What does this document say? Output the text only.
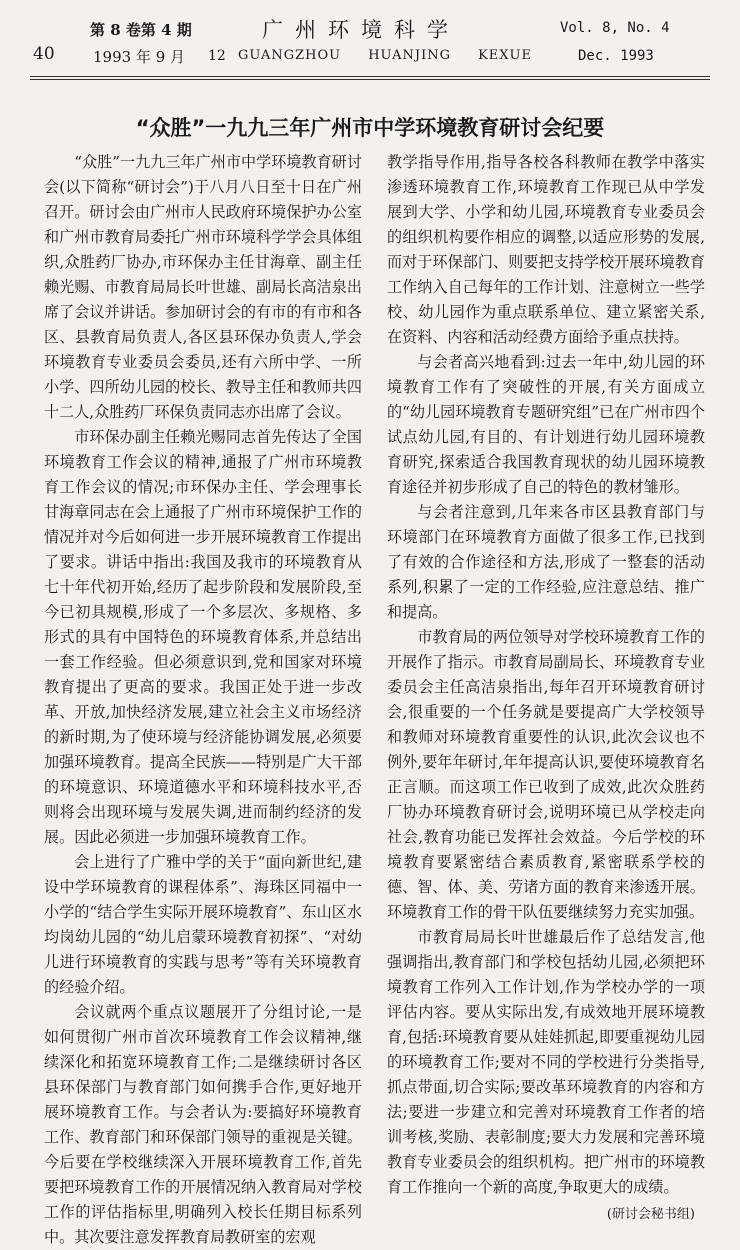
40
第 8 卷第 4 期
1993 年 9 月
广州环境科学
12 GUANGZHOU HUANJING KEXUE
Vol. 8, No. 4
Dec. 1993
“众胜”一九九三年广州市中学环境教育研讨会纪要

“众胜”一九九三年广州市中学环境教育研讨会(以下简称“研讨会”)于八月八日至十日在广州召开。研讨会由广州市人民政府环境保护办公室和广州市教育局委托广州市环境科学学会具体组织,众胜药厂协办,市环保办主任甘海章、副主任赖光赐、市教育局局长叶世雄、副局长高洁泉出席了会议并讲话。参加研讨会的有市的有市和各区、县教育局负责人,各区县环保办负责人,学会环境教育专业委员会委员,还有六所中学、一所小学、四所幼儿园的校长、教导主任和教师共四十二人,众胜药厂环保负责同志亦出席了会议。

市环保办副主任赖光赐同志首先传达了全国环境教育工作会议的精神,通报了广州市环境教育工作会议的情况;市环保办主任、学会理事长甘海章同志在会上通报了广州市环境保护工作的情况并对今后如何进一步开展环境教育工作提出了要求。讲话中指出:我国及我市的环境教育从七十年代初开始,经历了起步阶段和发展阶段,至今已初具规模,形成了一个多层次、多规格、多形式的具有中国特色的环境教育体系,并总结出一套工作经验。但必须意识到,党和国家对环境教育提出了更高的要求。我国正处于进一步改革、开放,加快经济发展,建立社会主义市场经济的新时期,为了使环境与经济能协调发展,必须要加强环境教育。提高全民族——特别是广大干部的环境意识、环境道德水平和环境科技水平,否则将会出现环境与发展失调,进而制约经济的发展。因此必须进一步加强环境教育工作。

会上进行了广雅中学的关于“面向新世纪,建设中学环境教育的课程体系”、海珠区同福中一小学的“结合学生实际开展环境教育”、东山区水均岗幼儿园的“幼儿启蒙环境教育初探”、“对幼儿进行环境教育的实践与思考”等有关环境教育的经验介绍。

会议就两个重点议题展开了分组讨论,一是如何贯彻广州市首次环境教育工作会议精神,继续深化和拓宽环境教育工作;二是继续研讨各区县环保部门与教育部门如何携手合作,更好地开展环境教育工作。与会者认为:要搞好环境教育工作、教育部门和环保部门领导的重视是关键。今后要在学校继续深入开展环境教育工作,首先要把环境教育工作的开展情况纳入教育局对学校工作的评估指标里,明确列入校长任期目标系列中。其次要注意发挥教育局教研室的宏观

教学指导作用,指导各校各科教师在教学中落实渗透环境教育工作,环境教育工作现已从中学发展到大学、小学和幼儿园,环境教育专业委员会的组织机构要作相应的调整,以适应形势的发展,而对于环保部门、则要把支持学校开展环境教育工作纳入自己每年的工作计划、注意树立一些学校、幼儿园作为重点联系单位、建立紧密关系,在资料、内容和活动经费方面给予重点扶持。

与会者高兴地看到:过去一年中,幼儿园的环境教育工作有了突破性的开展,有关方面成立的“幼儿园环境教育专题研究组”已在广州市四个试点幼儿园,有目的、有计划进行幼儿园环境教育研究,探索适合我国教育现状的幼儿园环境教育途径并初步形成了自己的特色的教材雏形。

与会者注意到,几年来各市区县教育部门与环境部门在环境教育方面做了很多工作,已找到了有效的合作途径和方法,形成了一整套的活动系列,积累了一定的工作经验,应注意总结、推广和提高。

市教育局的两位领导对学校环境教育工作的开展作了指示。市教育局副局长、环境教育专业委员会主任高洁泉指出,每年召开环境教育研讨会,很重要的一个任务就是要提高广大学校领导和教师对环境教育重要性的认识,此次会议也不例外,要年年研讨,年年提高认识,要使环境教育名正言顺。而这项工作已收到了成效,此次众胜药厂协办环境教育研讨会,说明环境已从学校走向社会,教育功能已发挥社会效益。今后学校的环境教育要紧密结合素质教育,紧密联系学校的德、智、体、美、劳诸方面的教育来渗透开展。环境教育工作的骨干队伍要继续努力充实加强。

市教育局局长叶世雄最后作了总结发言,他强调指出,教育部门和学校包括幼儿园,必须把环境教育工作列入工作计划,作为学校办学的一项评估内容。要从实际出发,有成效地开展环境教育,包括:环境教育要从娃娃抓起,即要重视幼儿园的环境教育工作;要对不同的学校进行分类指导,抓点带面,切合实际;要改革环境教育的内容和方法;要进一步建立和完善对环境教育工作者的培训考核,奖励、表彰制度;要大力发展和完善环境教育专业委员会的组织机构。把广州市的环境教育工作推向一个新的高度,争取更大的成绩。

(研讨会秘书组)
